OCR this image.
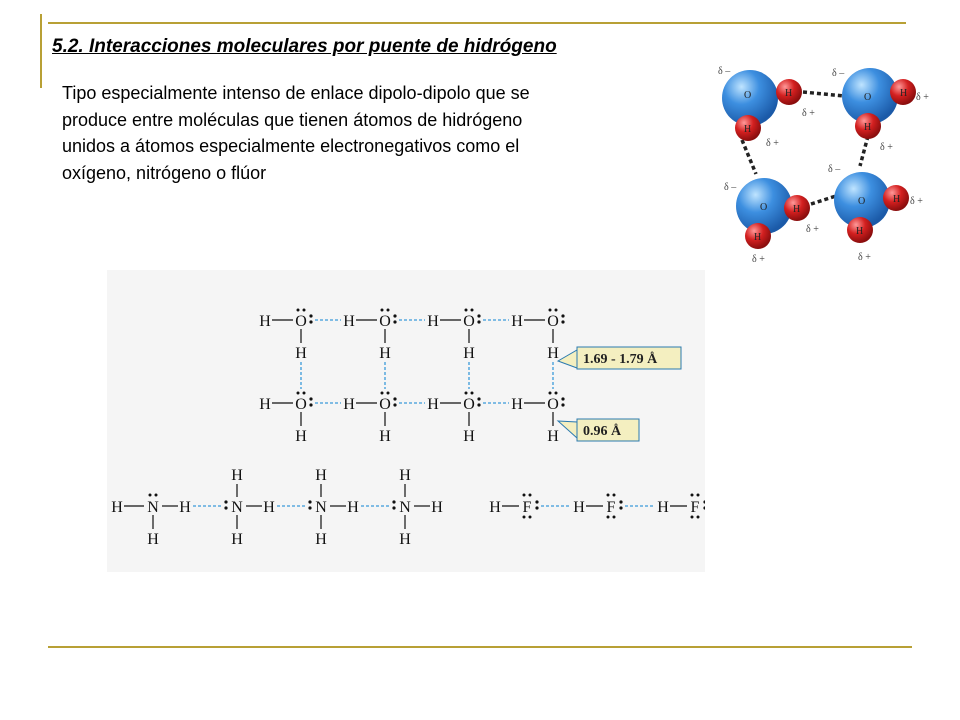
5.2. Interacciones moleculares por puente de hidrógeno
Tipo especialmente intenso de enlace dipolo-dipolo que se produce entre moléculas que tienen átomos de hidrógeno unidos a átomos especialmente electronegativos como el oxígeno, nitrógeno o flúor
O	H
H
δ –
δ +
δ +
O	H
H
δ –
δ +
δ +
O	H
H
δ –
δ +
δ +
O	H
H
δ –
δ +
δ +
H O
H
H O
H
H O
H
H O
H
H O
H
H O
H
H O
H
H O
H
H N H
H
N
H
H
H
N
H
H
H
N
H
H
H
H F	H F	H F
1.69 - 1.79 Å
0.96 Å
